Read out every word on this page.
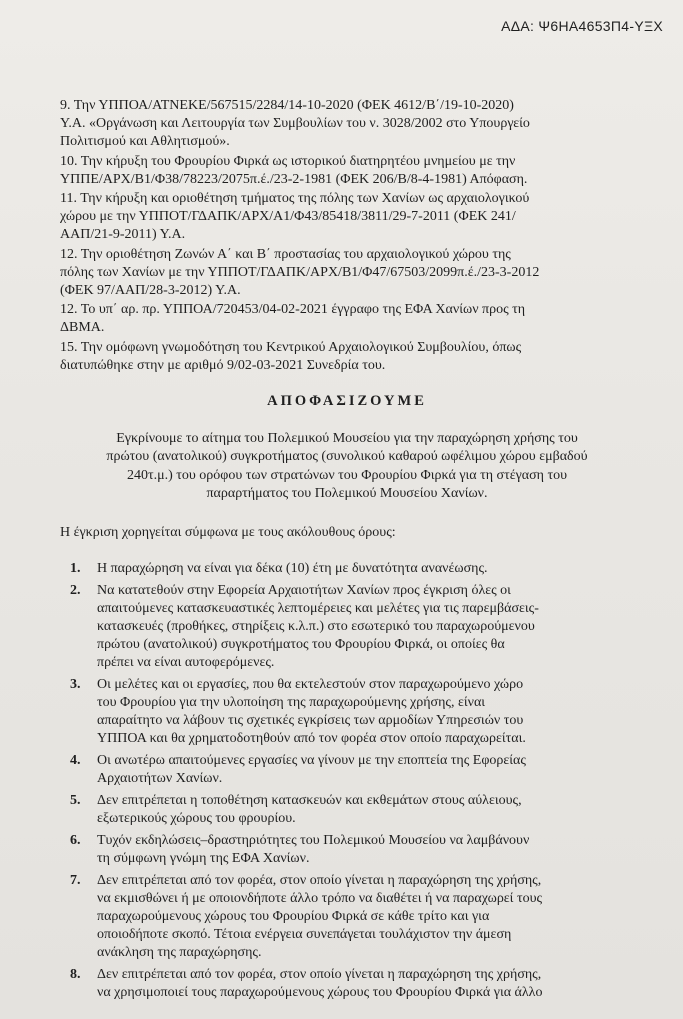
ΑΔΑ: Ψ6ΗΑ4653Π4-ΥΞΧ

9. Την ΥΠΠΟΑ/ΑΤΝΕΚΕ/567515/2284/14-10-2020 (ΦΕΚ 4612/Β΄/19-10-2020)
Υ.Α. «Οργάνωση και Λειτουργία των Συμβουλίων του ν. 3028/2002 στο Υπουργείο
Πολιτισμού και Αθλητισμού».

10. Την κήρυξη του Φρουρίου Φιρκά ως ιστορικού διατηρητέου μνημείου με την
ΥΠΠΕ/ΑΡΧ/Β1/Φ38/78223/2075π.έ./23-2-1981 (ΦΕΚ 206/Β/8-4-1981) Απόφαση.

11. Την κήρυξη και οριοθέτηση τμήματος της πόλης των Χανίων ως αρχαιολογικού
χώρου με την ΥΠΠΟΤ/ΓΔΑΠΚ/ΑΡΧ/Α1/Φ43/85418/3811/29-7-2011 (ΦΕΚ 241/
ΑΑΠ/21-9-2011) Υ.Α.

12. Την οριοθέτηση Ζωνών Α΄ και Β΄ προστασίας του αρχαιολογικού χώρου της
πόλης των Χανίων με την ΥΠΠΟΤ/ΓΔΑΠΚ/ΑΡΧ/Β1/Φ47/67503/2099π.έ./23-3-2012
(ΦΕΚ 97/ΑΑΠ/28-3-2012) Υ.Α.

12. Το υπ΄ αρ. πρ. ΥΠΠΟΑ/720453/04-02-2021 έγγραφο της ΕΦΑ Χανίων προς τη
ΔΒΜΑ.

15. Την ομόφωνη γνωμοδότηση του Κεντρικού Αρχαιολογικού Συμβουλίου, όπως
διατυπώθηκε στην με αριθμό 9/02-03-2021 Συνεδρία του.

ΑΠΟΦΑΣΙΖΟΥΜΕ
Εγκρίνουμε το αίτημα του Πολεμικού Μουσείου για την παραχώρηση χρήσης του
πρώτου (ανατολικού) συγκροτήματος (συνολικού καθαρού ωφέλιμου χώρου εμβαδού
240τ.μ.) του ορόφου των στρατώνων του Φρουρίου Φιρκά για τη στέγαση του
παραρτήματος του Πολεμικού Μουσείου Χανίων.
Η έγκριση χορηγείται σύμφωνα με τους ακόλουθους όρους:
1. Η παραχώρηση να είναι για δέκα (10) έτη με δυνατότητα ανανέωσης.
2. Να κατατεθούν στην Εφορεία Αρχαιοτήτων Χανίων προς έγκριση όλες οι
απαιτούμενες κατασκευαστικές λεπτομέρειες και μελέτες για τις παρεμβάσεις-
κατασκευές (προθήκες, στηρίξεις κ.λ.π.) στο εσωτερικό του παραχωρούμενου
πρώτου (ανατολικού) συγκροτήματος του Φρουρίου Φιρκά, οι οποίες θα
πρέπει να είναι αυτοφερόμενες.
3. Οι μελέτες και οι εργασίες, που θα εκτελεστούν στον παραχωρούμενο χώρο
του Φρουρίου για την υλοποίηση της παραχωρούμενης χρήσης, είναι
απαραίτητο να λάβουν τις σχετικές εγκρίσεις των αρμοδίων Υπηρεσιών του
ΥΠΠΟΑ και θα χρηματοδοτηθούν από τον φορέα στον οποίο παραχωρείται.
4. Οι ανωτέρω απαιτούμενες εργασίες να γίνουν με την εποπτεία της Εφορείας
Αρχαιοτήτων Χανίων.
5. Δεν επιτρέπεται η τοποθέτηση κατασκευών και εκθεμάτων στους αύλειους,
εξωτερικούς χώρους του φρουρίου.
6. Τυχόν εκδηλώσεις–δραστηριότητες του Πολεμικού Μουσείου να λαμβάνουν
τη σύμφωνη γνώμη της ΕΦΑ Χανίων.
7. Δεν επιτρέπεται από τον φορέα, στον οποίο γίνεται η παραχώρηση της χρήσης,
να εκμισθώνει ή με οποιονδήποτε άλλο τρόπο να διαθέτει ή να παραχωρεί τους
παραχωρούμενους χώρους του Φρουρίου Φιρκά σε κάθε τρίτο και για
οποιοδήποτε σκοπό. Τέτοια ενέργεια συνεπάγεται τουλάχιστον την άμεση
ανάκληση της παραχώρησης.
8. Δεν επιτρέπεται από τον φορέα, στον οποίο γίνεται η παραχώρηση της χρήσης,
να χρησιμοποιεί τους παραχωρούμενους χώρους του Φρουρίου Φιρκά για άλλο
